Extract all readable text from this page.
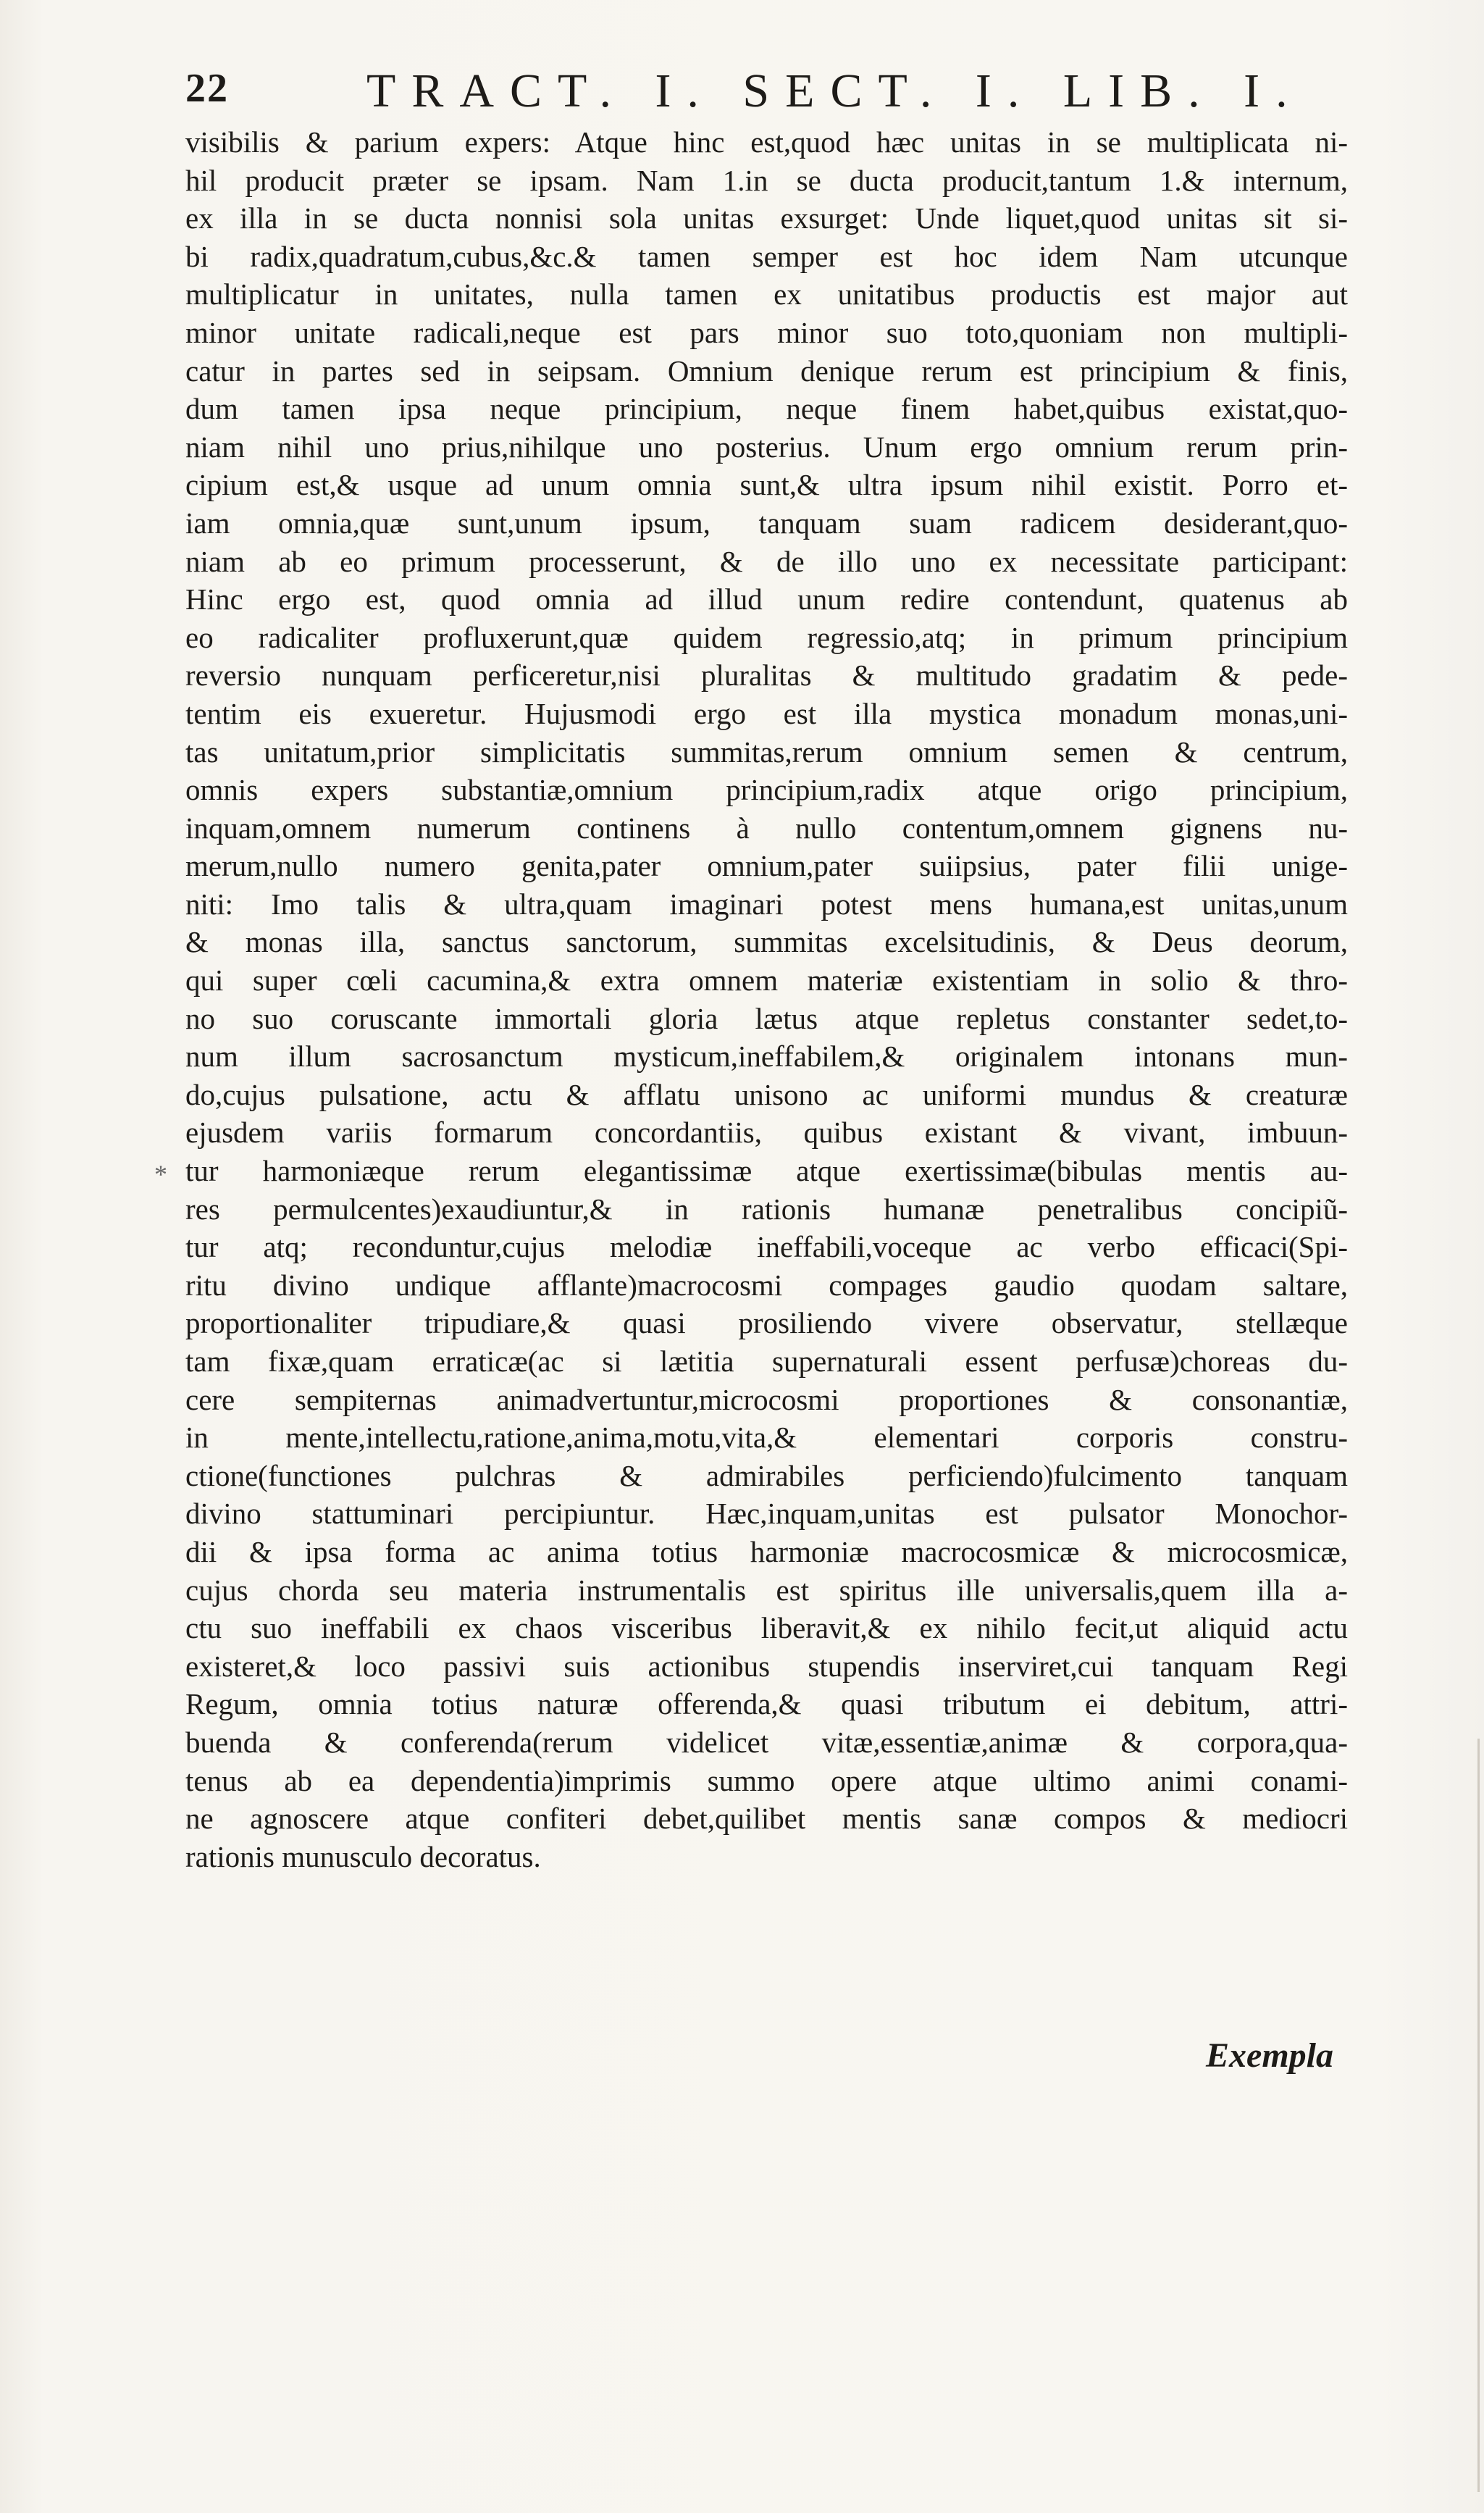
22	TRACT. I. SECT. I. LIB. I.
*
visibilis & parium expers: Atque hinc est,quod hæc unitas in se multiplicata ni-
hil producit præter se ipsam. Nam 1.in se ducta producit,tantum 1.& internum,
ex illa in se ducta nonnisi sola unitas exsurget: Unde liquet,quod unitas sit si-
bi radix,quadratum,cubus,&c.& tamen semper est hoc idem Nam utcunque
multiplicatur in unitates, nulla tamen ex unitatibus productis est major aut
minor unitate radicali,neque est pars minor suo toto,quoniam non multipli-
catur in partes sed in seipsam. Omnium denique rerum est principium & finis,
dum tamen ipsa neque principium, neque finem habet,quibus existat,quo-
niam nihil uno prius,nihilque uno posterius. Unum ergo omnium rerum prin-
cipium est,& usque ad unum omnia sunt,& ultra ipsum nihil existit. Porro et-
iam omnia,quæ sunt,unum ipsum, tanquam suam radicem desiderant,quo-
niam ab eo primum processerunt, & de illo uno ex necessitate participant:
Hinc ergo est, quod omnia ad illud unum redire contendunt, quatenus ab
eo radicaliter profluxerunt,quæ quidem regressio,atq; in primum principium
reversio nunquam perficeretur,nisi pluralitas & multitudo gradatim & pede-
tentim eis exueretur. Hujusmodi ergo est illa mystica monadum monas,uni-
tas unitatum,prior simplicitatis summitas,rerum omnium semen & centrum,
omnis expers substantiæ,omnium principium,radix atque origo principium,
inquam,omnem numerum continens à nullo contentum,omnem gignens nu-
merum,nullo numero genita,pater omnium,pater suiipsius, pater filii unige-
niti: Imo talis & ultra,quam imaginari potest mens humana,est unitas,unum
& monas illa, sanctus sanctorum, summitas excelsitudinis, & Deus deorum,
qui super cœli cacumina,& extra omnem materiæ existentiam in solio & thro-
no suo coruscante immortali gloria lætus atque repletus constanter sedet,to-
num illum sacrosanctum mysticum,ineffabilem,& originalem intonans mun-
do,cujus pulsatione, actu & afflatu unisono ac uniformi mundus & creaturæ
ejusdem variis formarum concordantiis, quibus existant & vivant, imbuun-
tur harmoniæque rerum elegantissimæ atque exertissimæ(bibulas mentis au-
res permulcentes)exaudiuntur,& in rationis humanæ penetralibus concipiũ-
tur atq; reconduntur,cujus melodiæ ineffabili,voceque ac verbo efficaci(Spi-
ritu divino undique afflante)macrocosmi compages gaudio quodam saltare,
proportionaliter tripudiare,& quasi prosiliendo vivere observatur, stellæque
tam fixæ,quam erraticæ(ac si lætitia supernaturali essent perfusæ)choreas du-
cere sempiternas animadvertuntur,microcosmi proportiones & consonantiæ,
in mente,intellectu,ratione,anima,motu,vita,& elementari corporis constru-
ctione(functiones pulchras & admirabiles perficiendo)fulcimento tanquam
divino stattuminari percipiuntur. Hæc,inquam,unitas est pulsator Monochor-
dii & ipsa forma ac anima totius harmoniæ macrocosmicæ & microcosmicæ,
cujus chorda seu materia instrumentalis est spiritus ille universalis,quem illa a-
ctu suo ineffabili ex chaos visceribus liberavit,& ex nihilo fecit,ut aliquid actu
existeret,& loco passivi suis actionibus stupendis inserviret,cui tanquam Regi
Regum, omnia totius naturæ offerenda,& quasi tributum ei debitum, attri-
buenda & conferenda(rerum videlicet vitæ,essentiæ,animæ & corpora,qua-
tenus ab ea dependentia)imprimis summo opere atque ultimo animi conami-
ne agnoscere atque confiteri debet,quilibet mentis sanæ compos & mediocri
rationis munusculo decoratus.
Exempla
